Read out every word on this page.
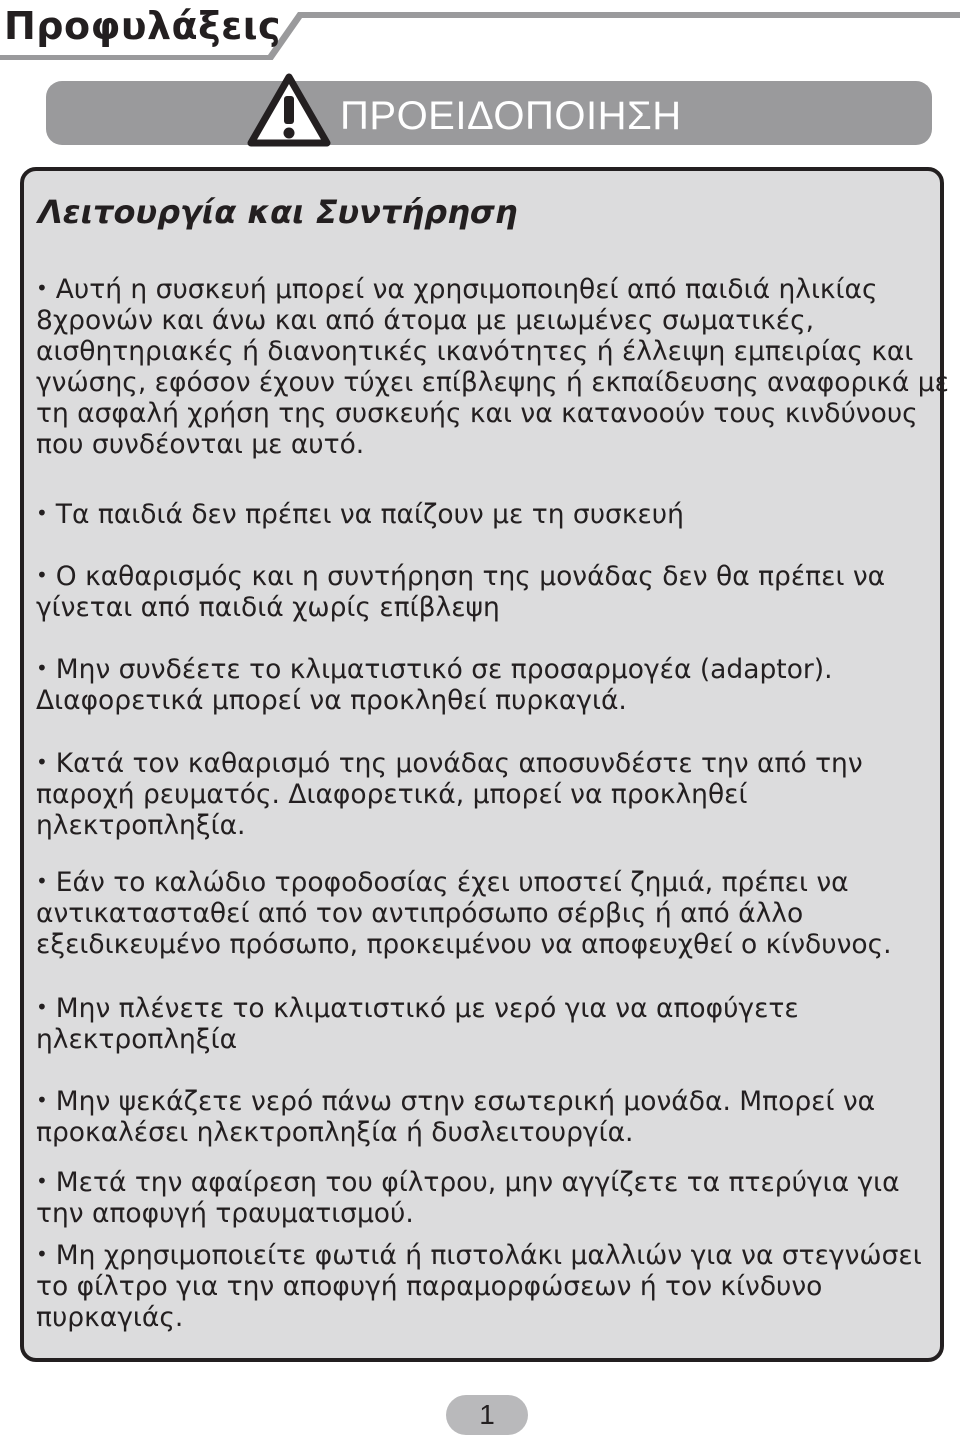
Προφυλάξεις
ΠΡΟΕΙΔΟΠΟΙΗΣΗ
Λειτουργία και Συντήρηση

• Αυτή η συσκευή μπορεί να χρησιμοποιηθεί από παιδιά ηλικίας 8χρονών και άνω και από άτομα με μειωμένες σωματικές, αισθητηριακές ή διανοητικές ικανότητες ή έλλειψη εμπειρίας και γνώσης, εφόσον έχουν τύχει επίβλεψης ή εκπαίδευσης αναφορικά με τη ασφαλή χρήση της συσκευής και να κατανοούν τους κινδύνους που συνδέονται με αυτό.

• Τα παιδιά δεν πρέπει να παίζουν με τη συσκευή

• Ο καθαρισμός και η συντήρηση της μονάδας δεν θα πρέπει να γίνεται από παιδιά χωρίς επίβλεψη

• Μην συνδέετε το κλιματιστικό σε προσαρμογέα (adaptor). Διαφορετικά μπορεί να προκληθεί πυρκαγιά.

• Κατά τον καθαρισμό της μονάδας αποσυνδέστε την από την παροχή ρευματός. Διαφορετικά, μπορεί να προκληθεί ηλεκτροπληξία.

• Εάν το καλώδιο τροφοδοσίας έχει υποστεί ζημιά, πρέπει να αντικατασταθεί από τον αντιπρόσωπο σέρβις ή από άλλο εξειδικευμένο πρόσωπο, προκειμένου να αποφευχθεί ο κίνδυνος.

• Μην πλένετε το κλιματιστικό με νερό για να αποφύγετε ηλεκτροπληξία

• Μην ψεκάζετε νερό πάνω στην εσωτερική μονάδα. Μπορεί να προκαλέσει ηλεκτροπληξία ή δυσλειτουργία.

• Μετά την αφαίρεση του φίλτρου, μην αγγίζετε τα πτερύγια για την αποφυγή τραυματισμού.

• Μη χρησιμοποιείτε φωτιά ή πιστολάκι μαλλιών για να στεγνώσει το φίλτρο για την αποφυγή παραμορφώσεων ή τον κίνδυνο πυρκαγιάς.

1
